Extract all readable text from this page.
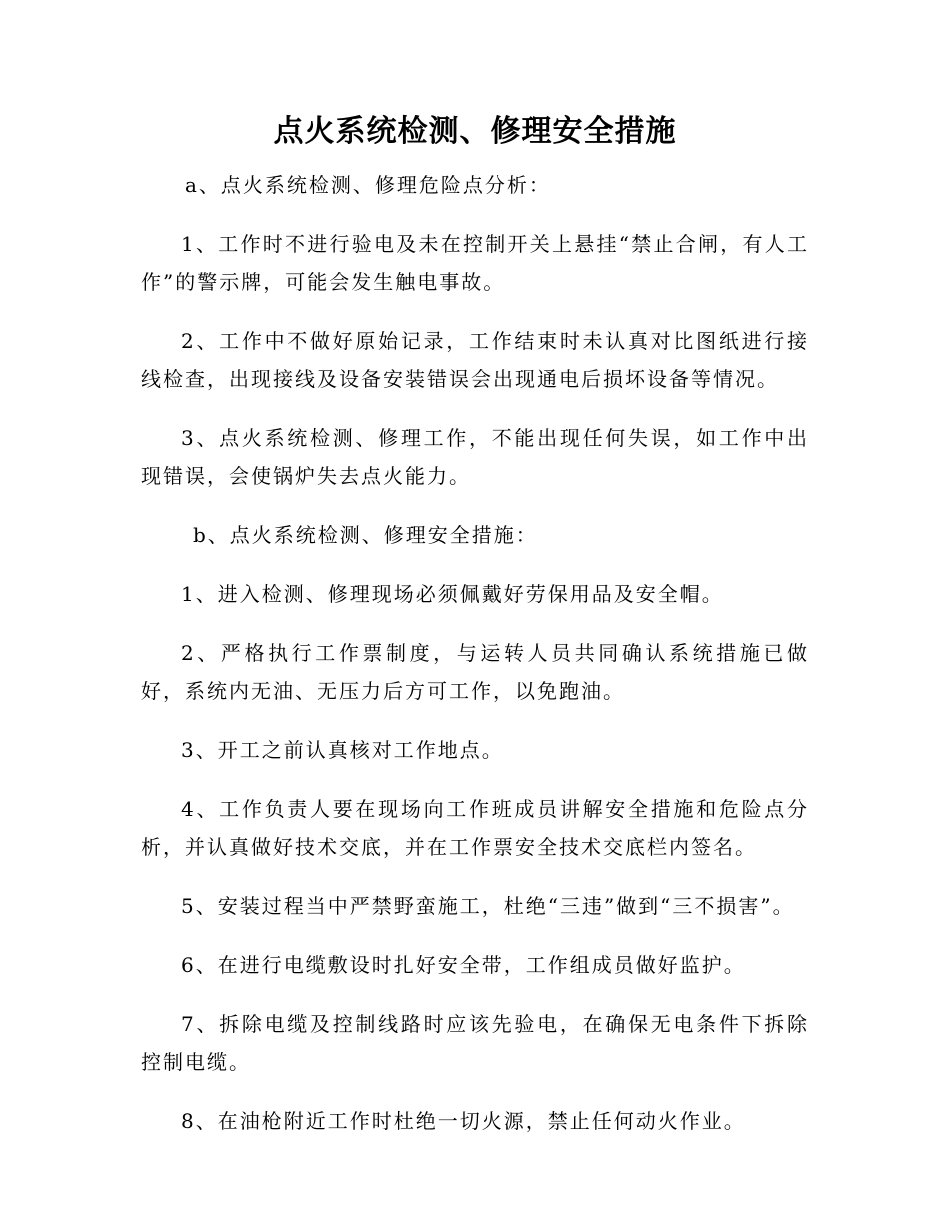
点火系统检测、修理安全措施

a、点火系统检测、修理危险点分析：

1、工作时不进行验电及未在控制开关上悬挂“禁止合闸，有人工作”的警示牌，可能会发生触电事故。

2、工作中不做好原始记录，工作结束时未认真对比图纸进行接线检查，出现接线及设备安装错误会出现通电后损坏设备等情况。

3、点火系统检测、修理工作，不能出现任何失误，如工作中出现错误，会使锅炉失去点火能力。

b、点火系统检测、修理安全措施：

1、进入检测、修理现场必须佩戴好劳保用品及安全帽。

2、严格执行工作票制度，与运转人员共同确认系统措施已做好，系统内无油、无压力后方可工作，以免跑油。

3、开工之前认真核对工作地点。

4、工作负责人要在现场向工作班成员讲解安全措施和危险点分析，并认真做好技术交底，并在工作票安全技术交底栏内签名。

5、安装过程当中严禁野蛮施工，杜绝“三违”做到“三不损害”。

6、在进行电缆敷设时扎好安全带，工作组成员做好监护。

7、拆除电缆及控制线路时应该先验电，在确保无电条件下拆除控制电缆。

8、在油枪附近工作时杜绝一切火源，禁止任何动火作业。
